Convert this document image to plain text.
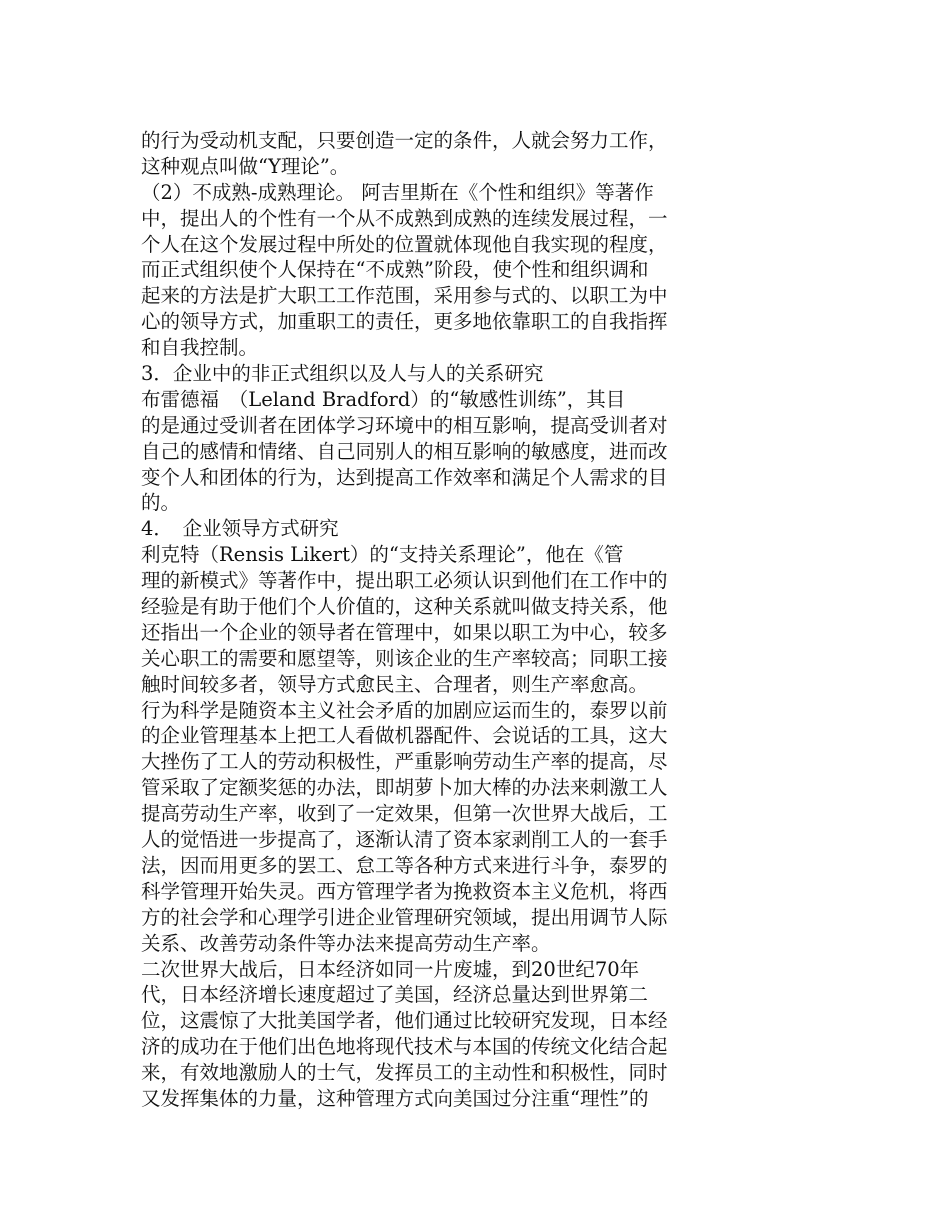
的行为受动机支配，只要创造一定的条件，人就会努力工作，
这种观点叫做“Y理论”。
（2）不成熟-成熟理论。 阿吉里斯在《个性和组织》等著作
中，提出人的个性有一个从不成熟到成熟的连续发展过程，一
个人在这个发展过程中所处的位置就体现他自我实现的程度，
而正式组织使个人保持在“不成熟”阶段，使个性和组织调和
起来的方法是扩大职工工作范围，采用参与式的、以职工为中
心的领导方式，加重职工的责任，更多地依靠职工的自我指挥
和自我控制。
3．企业中的非正式组织以及人与人的关系研究
布雷德福　（Leland Bradford）的“敏感性训练”，其目
的是通过受训者在团体学习环境中的相互影响，提高受训者对
自己的感情和情绪、自己同别人的相互影响的敏感度，进而改
变个人和团体的行为，达到提高工作效率和满足个人需求的目
的。
4．　企业领导方式研究
利克特（Rensis Likert）的“支持关系理论”，他在《管
理的新模式》等著作中，提出职工必须认识到他们在工作中的
经验是有助于他们个人价值的，这种关系就叫做支持关系，他
还指出一个企业的领导者在管理中，如果以职工为中心，较多
关心职工的需要和愿望等，则该企业的生产率较高；同职工接
触时间较多者，领导方式愈民主、合理者，则生产率愈高。
行为科学是随资本主义社会矛盾的加剧应运而生的，泰罗以前
的企业管理基本上把工人看做机器配件、会说话的工具，这大
大挫伤了工人的劳动积极性，严重影响劳动生产率的提高，尽
管采取了定额奖惩的办法，即胡萝卜加大棒的办法来刺激工人
提高劳动生产率，收到了一定效果，但第一次世界大战后，工
人的觉悟进一步提高了，逐渐认清了资本家剥削工人的一套手
法，因而用更多的罢工、怠工等各种方式来进行斗争，泰罗的
科学管理开始失灵。西方管理学者为挽救资本主义危机，将西
方的社会学和心理学引进企业管理研究领域，提出用调节人际
关系、改善劳动条件等办法来提高劳动生产率。
二次世界大战后，日本经济如同一片废墟，到20世纪70年
代，日本经济增长速度超过了美国，经济总量达到世界第二
位，这震惊了大批美国学者，他们通过比较研究发现，日本经
济的成功在于他们出色地将现代技术与本国的传统文化结合起
来，有效地激励人的士气，发挥员工的主动性和积极性，同时
又发挥集体的力量，这种管理方式向美国过分注重“理性”的
